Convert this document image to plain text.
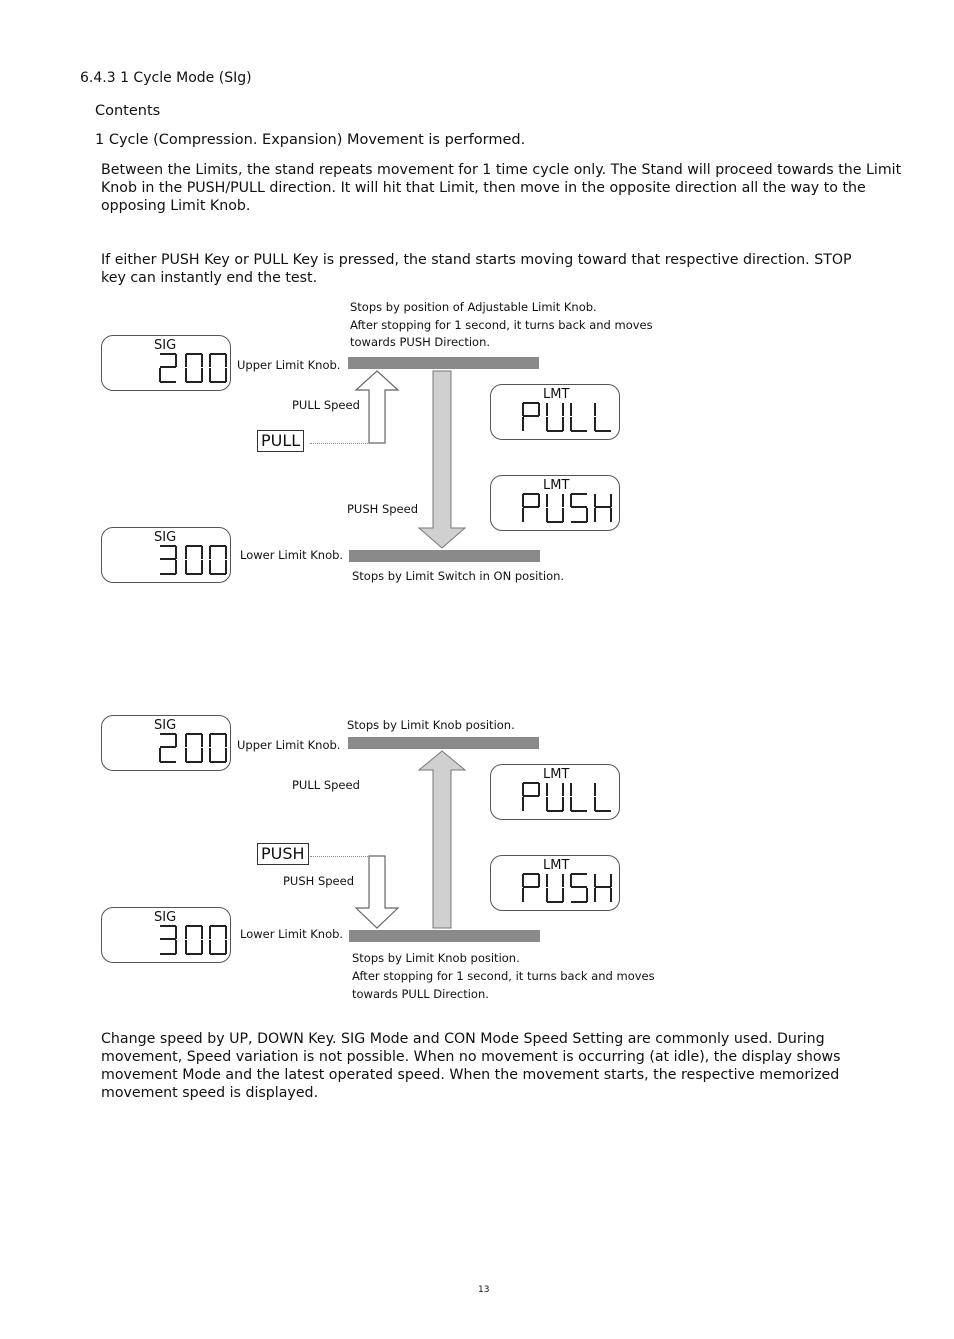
6.4.3 1 Cycle Mode (SIg)
Contents
1 Cycle (Compression. Expansion) Movement is performed.
Between the Limits, the stand repeats movement for 1 time cycle only. The Stand will proceed towards the Limit
Knob in the PUSH/PULL direction. It will hit that Limit, then move in the opposite direction all the way to the
opposing Limit Knob.
If either PUSH Key or PULL Key is pressed, the stand starts moving toward that respective direction. STOP
key can instantly end the test.
Stops by position of Adjustable Limit Knob.
After stopping for 1 second, it turns back and moves
towards PUSH Direction.
SIG
Upper Limit Knob.
PULL Speed
PULL
PUSH Speed
LMT
LMT
SIG
Lower Limit Knob.
Stops by Limit Switch in ON position.
SIG	Stops by Limit Knob position.
Upper Limit Knob.
PULL Speed
LMT
PUSH
PUSH Speed
LMT
SIG
Lower Limit Knob.
Stops by Limit Knob position.
After stopping for 1 second, it turns back and moves
towards PULL Direction.
Change speed by UP, DOWN Key. SIG Mode and CON Mode Speed Setting are commonly used. During
movement, Speed variation is not possible. When no movement is occurring (at idle), the display shows
movement Mode and the latest operated speed. When the movement starts, the respective memorized
movement speed is displayed.
13
